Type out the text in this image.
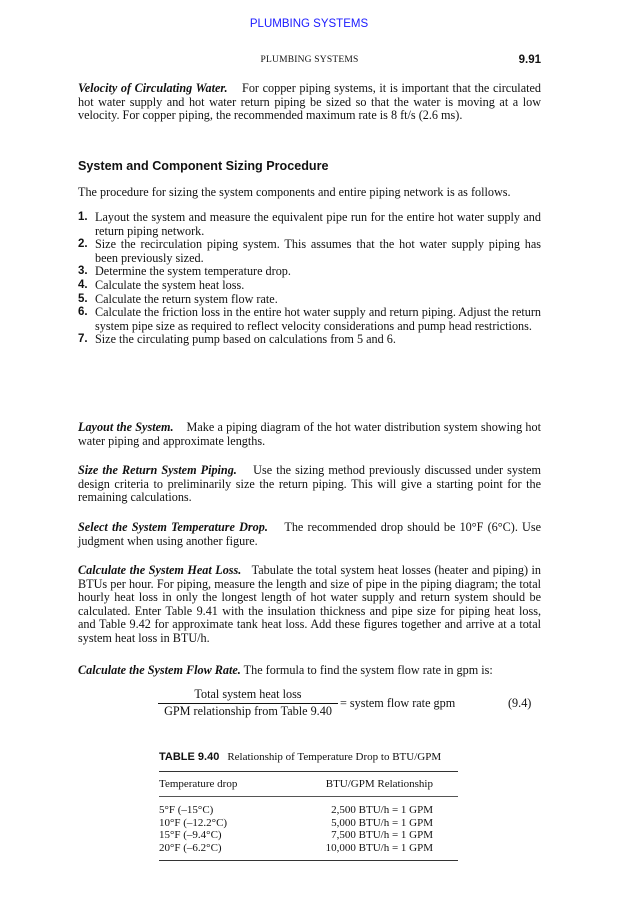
PLUMBING SYSTEMS
PLUMBING SYSTEMS	9.91

Velocity of Circulating Water. For copper piping systems, it is important that the circulated hot water supply and hot water return piping be sized so that the water is moving at a low velocity. For copper piping, the recommended maximum rate is 8 ft/s (2.6 ms).

System and Component Sizing Procedure

The procedure for sizing the system components and entire piping network is as follows.

1. Layout the system and measure the equivalent pipe run for the entire hot water supply and return piping network.
2. Size the recirculation piping system. This assumes that the hot water supply piping has been previously sized.
3. Determine the system temperature drop.
4. Calculate the system heat loss.
5. Calculate the return system flow rate.
6. Calculate the friction loss in the entire hot water supply and return piping. Adjust the return system pipe size as required to reflect velocity considerations and pump head restrictions.
7. Size the circulating pump based on calculations from 5 and 6.

Layout the System. Make a piping diagram of the hot water distribution system showing hot water piping and approximate lengths.

Size the Return System Piping. Use the sizing method previously discussed under system design criteria to preliminarily size the return piping. This will give a starting point for the remaining calculations.

Select the System Temperature Drop. The recommended drop should be 10°F (6°C). Use judgment when using another figure.

Calculate the System Heat Loss. Tabulate the total system heat losses (heater and piping) in BTUs per hour. For piping, measure the length and size of pipe in the piping diagram; the total hourly heat loss in only the longest length of hot water supply and return system should be calculated. Enter Table 9.41 with the insulation thickness and pipe size for piping heat loss, and Table 9.42 for approximate tank heat loss. Add these figures together and arrive at a total system heat loss in BTU/h.

Calculate the System Flow Rate. The formula to find the system flow rate in gpm is:

Total system heat loss
GPM relationship from Table 9.40
= system flow rate gpm	(9.4)
TABLE 9.40 Relationship of Temperature Drop to BTU/GPM
Temperature drop	BTU/GPM Relationship
5°F (–15°C)	2,500 BTU/h = 1 GPM
10°F (–12.2°C)	5,000 BTU/h = 1 GPM
15°F (–9.4°C)	7,500 BTU/h = 1 GPM
20°F (–6.2°C)	10,000 BTU/h = 1 GPM
